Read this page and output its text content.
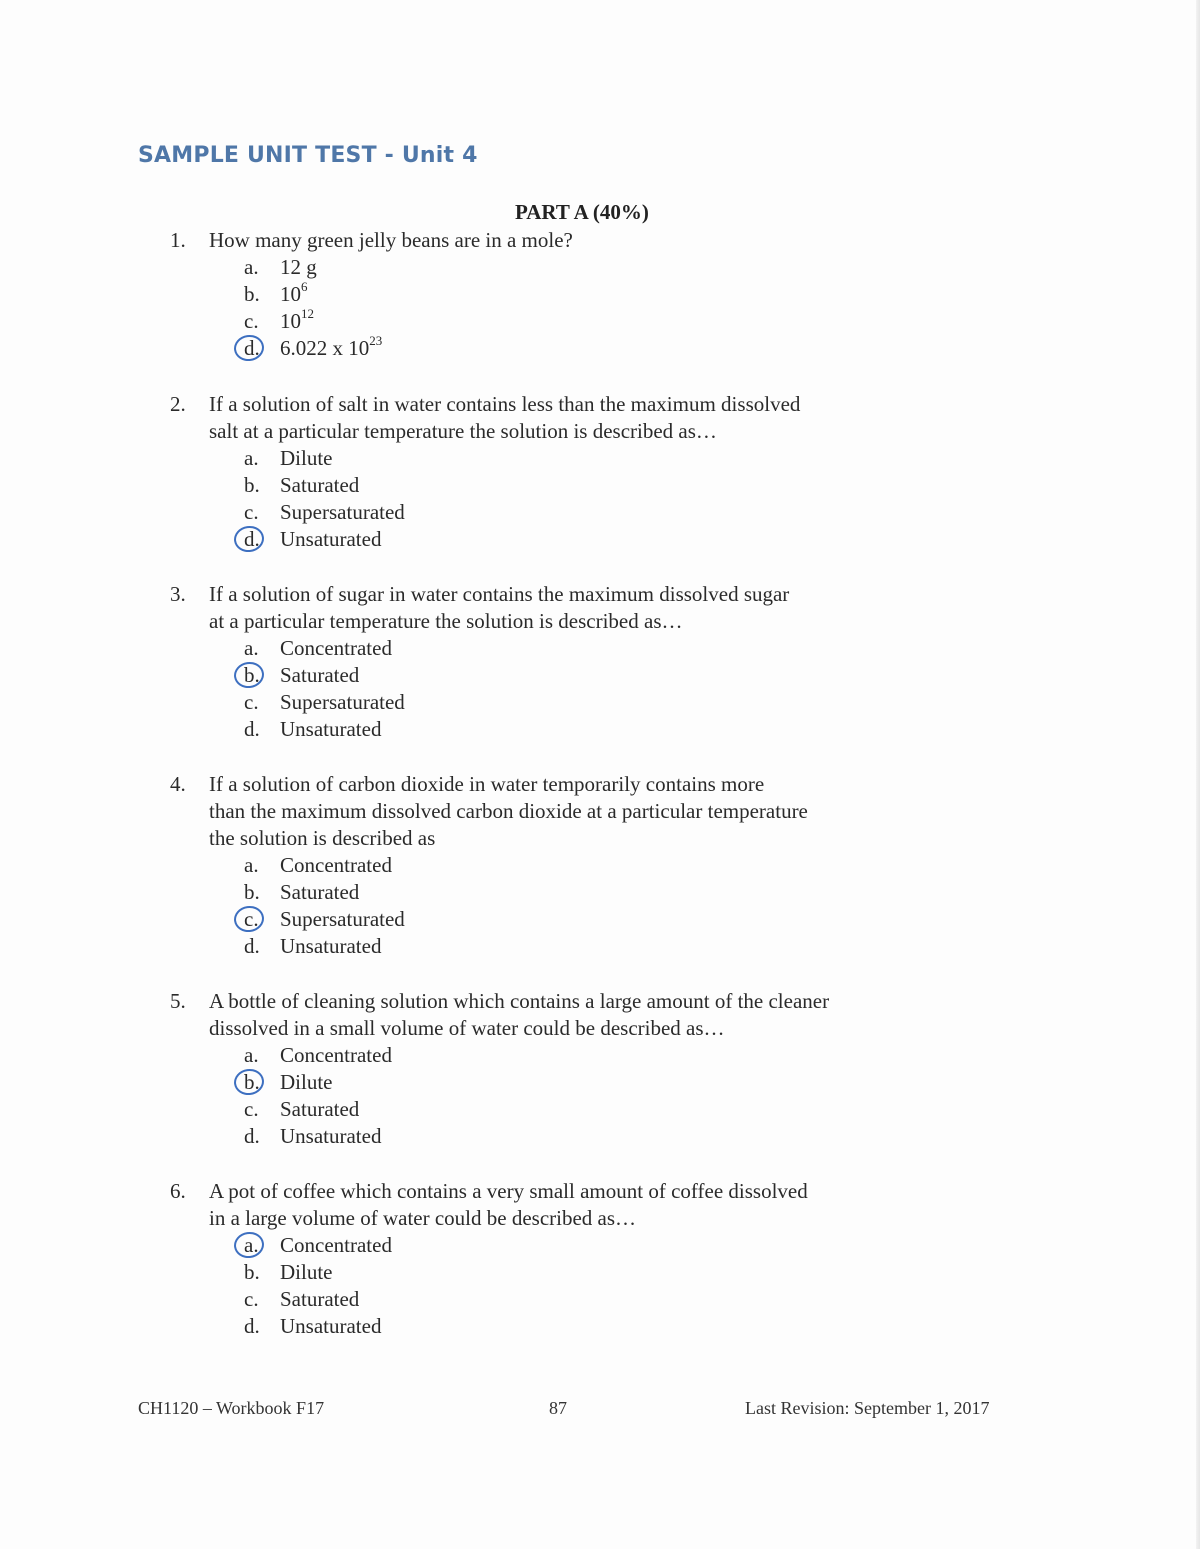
SAMPLE UNIT TEST - Unit 4
PART A (40%)
1.	How many green jelly beans are in a mole?
a. 12 g
b. $10^6$
c. $10^{12}$
d. 6.022 x $10^{23}$
2.	If a solution of salt in water contains less than the maximum dissolved
salt at a particular temperature the solution is described as…
a. Dilute
b. Saturated
c. Supersaturated
d. Unsaturated
3.	If a solution of sugar in water contains the maximum dissolved sugar
at a particular temperature the solution is described as…
a. Concentrated
b. Saturated
c. Supersaturated
d. Unsaturated
4.	If a solution of carbon dioxide in water temporarily contains more
than the maximum dissolved carbon dioxide at a particular temperature
the solution is described as
a. Concentrated
b. Saturated
c. Supersaturated
d. Unsaturated
5.	A bottle of cleaning solution which contains a large amount of the cleaner
dissolved in a small volume of water could be described as…
a. Concentrated
b. Dilute
c. Saturated
d. Unsaturated
6.	A pot of coffee which contains a very small amount of coffee dissolved
in a large volume of water could be described as…
a. Concentrated
b. Dilute
c. Saturated
d. Unsaturated
CH1120 – Workbook F17	87	Last Revision: September 1, 2017
